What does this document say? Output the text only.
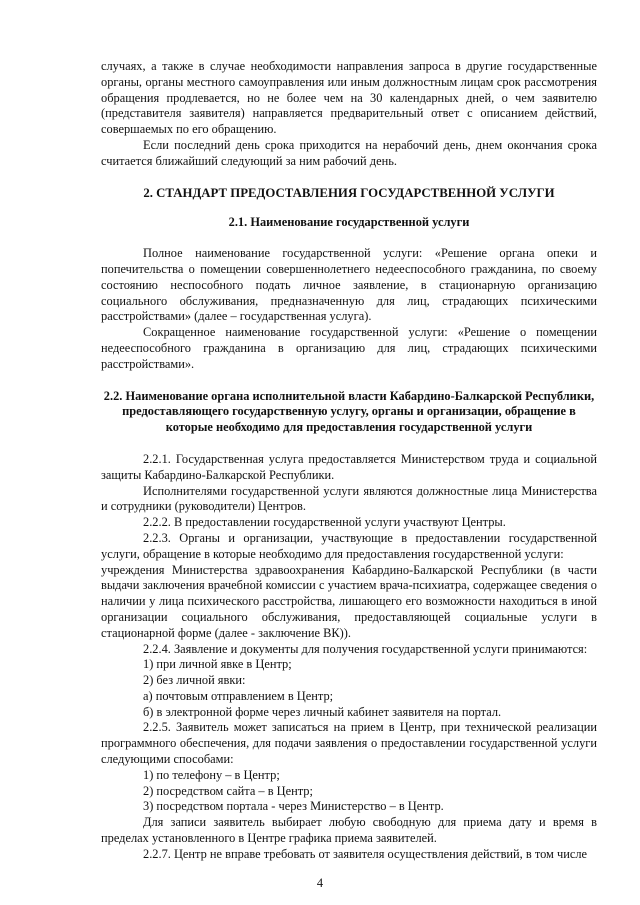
случаях, а также в случае необходимости направления запроса в другие государственные органы, органы местного самоуправления или иным должностным лицам срок рассмотрения обращения продлевается, но не более чем на 30 календарных дней, о чем заявителю (представителя заявителя) направляется предварительный ответ с описанием действий, совершаемых по его обращению.

Если последний день срока приходится на нерабочий день, днем окончания срока считается ближайший следующий за ним рабочий день.

2. СТАНДАРТ ПРЕДОСТАВЛЕНИЯ ГОСУДАРСТВЕННОЙ УСЛУГИ

2.1. Наименование государственной услуги

Полное наименование государственной услуги: «Решение органа опеки и попечительства о помещении совершеннолетнего недееспособного гражданина, по своему состоянию неспособного подать личное заявление, в стационарную организацию социального обслуживания, предназначенную для лиц, страдающих психическими расстройствами» (далее – государственная услуга).

Сокращенное наименование государственной услуги: «Решение о помещении недееспособного гражданина в организацию для лиц, страдающих психическими расстройствами».

2.2. Наименование органа исполнительной власти Кабардино-Балкарской Республики, предоставляющего государственную услугу, органы и организации, обращение в которые необходимо для предоставления государственной услуги

2.2.1. Государственная услуга предоставляется Министерством труда и социальной защиты Кабардино-Балкарской Республики.

Исполнителями государственной услуги являются должностные лица Министерства и сотрудники (руководители) Центров.

2.2.2. В предоставлении государственной услуги участвуют Центры.

2.2.3. Органы и организации, участвующие в предоставлении государственной услуги, обращение в которые необходимо для предоставления государственной услуги:

учреждения Министерства здравоохранения Кабардино-Балкарской Республики (в части выдачи заключения врачебной комиссии с участием врача-психиатра, содержащее сведения о наличии у лица психического расстройства, лишающего его возможности находиться в иной организации социального обслуживания, предоставляющей социальные услуги в стационарной форме (далее - заключение ВК)).

2.2.4. Заявление и документы для получения государственной услуги принимаются:

1) при личной явке в Центр;

2) без личной явки:

а) почтовым отправлением в Центр;

б) в электронной форме через личный кабинет заявителя на портал.

2.2.5. Заявитель может записаться на прием в Центр, при технической реализации программного обеспечения, для подачи заявления о предоставлении государственной услуги следующими способами:

1) по телефону – в Центр;

2) посредством сайта – в Центр;

3) посредством портала - через Министерство – в Центр.

Для записи заявитель выбирает любую свободную для приема дату и время в пределах установленного в Центре графика приема заявителей.

2.2.7. Центр не вправе требовать от заявителя осуществления действий, в том числе

4
